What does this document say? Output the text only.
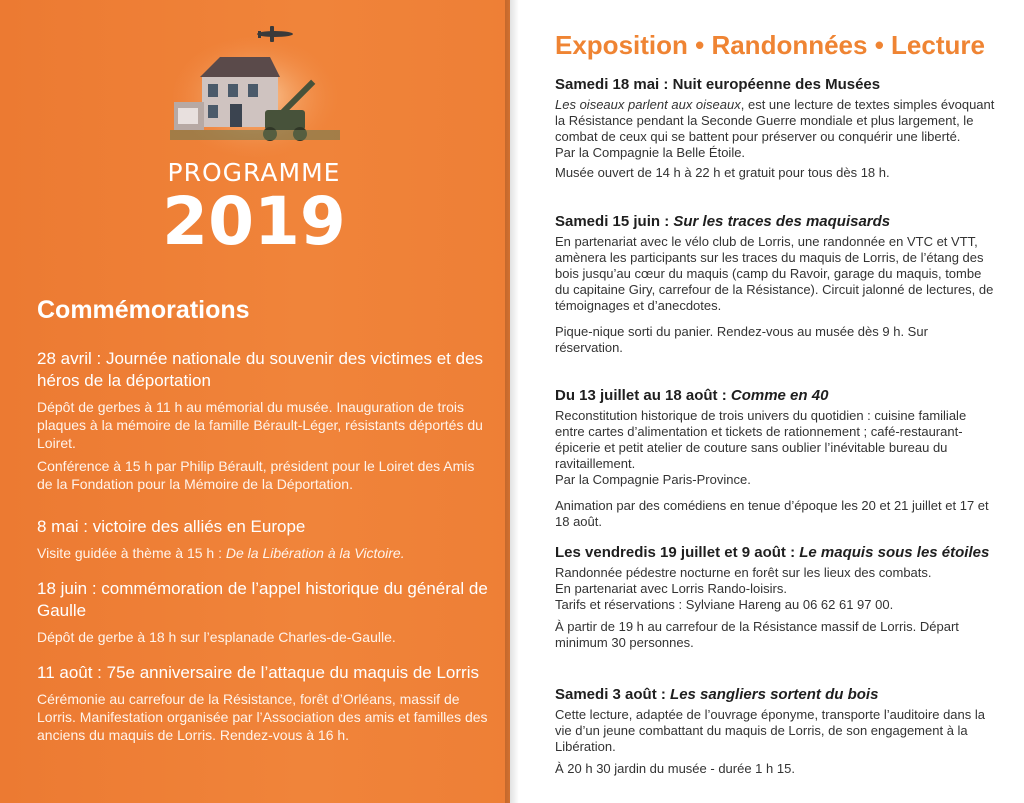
PROGRAMME
2019
Commémorations

28 avril : Journée nationale du souvenir des victimes et des héros de la déportation

Dépôt de gerbes à 11 h au mémorial du musée. Inauguration de trois plaques à la mémoire de la famille Bérault-Léger, résistants déportés du Loiret.

Conférence à 15 h par Philip Bérault, président pour le Loiret des Amis de la Fondation pour la Mémoire de la Déportation.

8 mai : victoire des alliés en Europe

Visite guidée à thème à 15 h : De la Libération à la Victoire.

18 juin : commémoration de l’appel historique du général de Gaulle

Dépôt de gerbe à 18 h sur l’esplanade Charles-de-Gaulle.

11 août : 75e anniversaire de l’attaque du maquis de Lorris

Cérémonie au carrefour de la Résistance, forêt d’Orléans, massif de Lorris. Manifestation organisée par l’Association des amis et familles des anciens du maquis de Lorris. Rendez-vous à 16 h.

Exposition • Randonnées • Lecture

Samedi 18 mai : Nuit européenne des Musées

Les oiseaux parlent aux oiseaux, est une lecture de textes simples évoquant la Résistance pendant la Seconde Guerre mondiale et plus largement, le combat de ceux qui se battent pour préserver ou conquérir une liberté.
Par la Compagnie la Belle Étoile.

Musée ouvert de 14 h à 22 h et gratuit pour tous dès 18 h.

Samedi 15 juin : Sur les traces des maquisards

En partenariat avec le vélo club de Lorris, une randonnée en VTC et VTT, amènera les participants sur les traces du maquis de Lorris, de l’étang des bois jusqu’au cœur du maquis (camp du Ravoir, garage du maquis, tombe du capitaine Giry, carrefour de la Résistance). Circuit jalonné de lectures, de témoignages et d’anecdotes.

Pique-nique sorti du panier. Rendez-vous au musée dès 9 h. Sur réservation.

Du 13 juillet au 18 août : Comme en 40

Reconstitution historique de trois univers du quotidien : cuisine familiale entre cartes d’alimentation et tickets de rationnement ; café-restaurant-épicerie et petit atelier de couture sans oublier l’inévitable bureau du ravitaillement.
Par la Compagnie Paris-Province.

Animation par des comédiens en tenue d’époque les 20 et 21 juillet et 17 et 18 août.

Les vendredis 19 juillet et 9 août : Le maquis sous les étoiles

Randonnée pédestre nocturne en forêt sur les lieux des combats.
En partenariat avec Lorris Rando-loisirs.
Tarifs et réservations : Sylviane Hareng au 06 62 61 97 00.

À partir de 19 h au carrefour de la Résistance massif de Lorris. Départ minimum 30 personnes.

Samedi 3 août : Les sangliers sortent du bois

Cette lecture, adaptée de l’ouvrage éponyme, transporte l’auditoire dans la vie d’un jeune combattant du maquis de Lorris, de son engagement à la Libération.

À 20 h 30 jardin du musée - durée 1 h 15.
